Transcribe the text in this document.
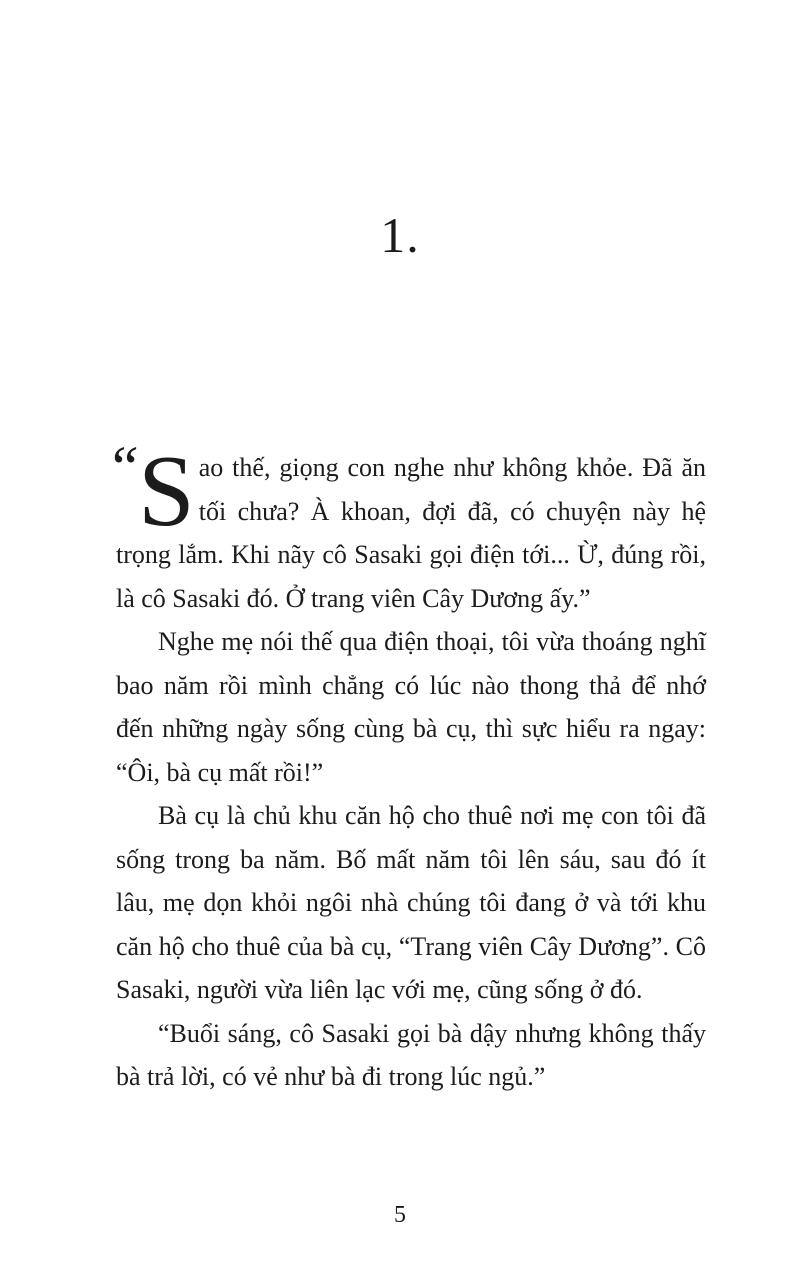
1.

“
S ao thế, giọng con nghe như không khỏe. Đã ăn tối chưa? À khoan, đợi đã, có chuyện này hệ trọng lắm. Khi nãy cô Sasaki gọi điện tới... Ừ, đúng rồi, là cô Sasaki đó. Ở trang viên Cây Dương ấy.”

Nghe mẹ nói thế qua điện thoại, tôi vừa thoáng nghĩ bao năm rồi mình chẳng có lúc nào thong thả để nhớ đến những ngày sống cùng bà cụ, thì sực hiểu ra ngay: “Ôi, bà cụ mất rồi!”

Bà cụ là chủ khu căn hộ cho thuê nơi mẹ con tôi đã sống trong ba năm. Bố mất năm tôi lên sáu, sau đó ít lâu, mẹ dọn khỏi ngôi nhà chúng tôi đang ở và tới khu căn hộ cho thuê của bà cụ, “Trang viên Cây Dương”. Cô Sasaki, người vừa liên lạc với mẹ, cũng sống ở đó.

“Buổi sáng, cô Sasaki gọi bà dậy nhưng không thấy bà trả lời, có vẻ như bà đi trong lúc ngủ.”

5
